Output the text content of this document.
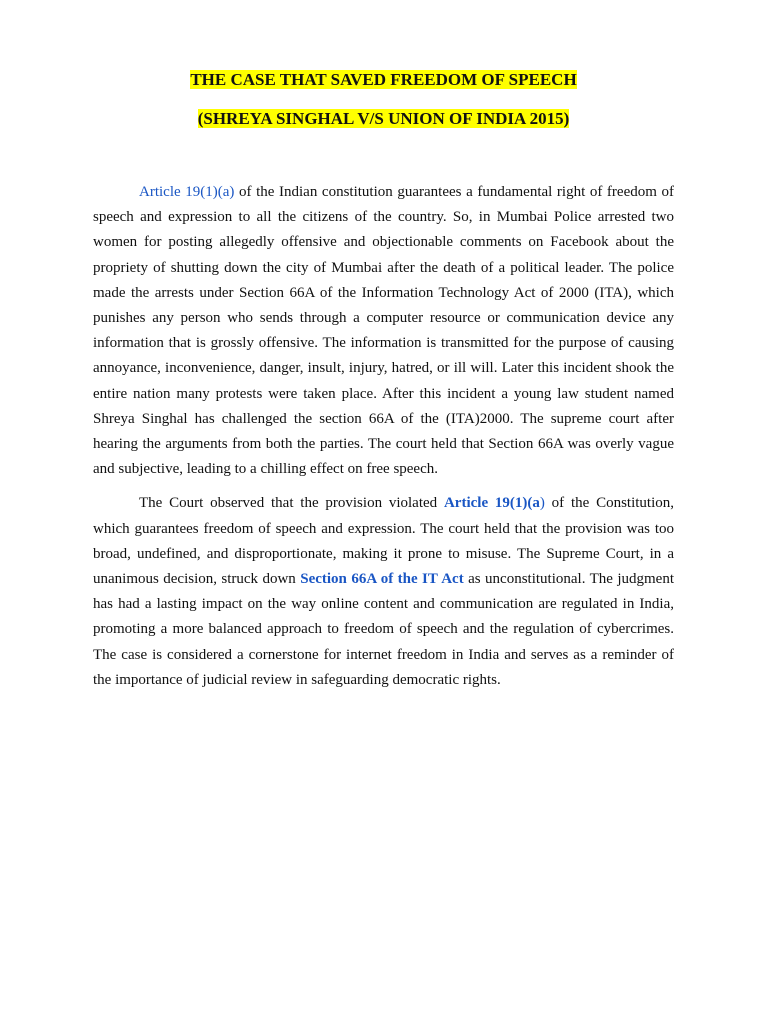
THE CASE THAT SAVED FREEDOM OF SPEECH

(SHREYA SINGHAL V/S UNION OF INDIA 2015)

Article 19(1)(a) of the Indian constitution guarantees a fundamental right of freedom of speech and expression to all the citizens of the country. So, in Mumbai Police arrested two women for posting allegedly offensive and objectionable comments on Facebook about the propriety of shutting down the city of Mumbai after the death of a political leader. The police made the arrests under Section 66A of the Information Technology Act of 2000 (ITA), which punishes any person who sends through a computer resource or communication device any information that is grossly offensive. The information is transmitted for the purpose of causing annoyance, inconvenience, danger, insult, injury, hatred, or ill will. Later this incident shook the entire nation many protests were taken place. After this incident a young law student named Shreya Singhal has challenged the section 66A of the (ITA)2000. The supreme court after hearing the arguments from both the parties. The court held that Section 66A was overly vague and subjective, leading to a chilling effect on free speech.

The Court observed that the provision violated Article 19(1)(a) of the Constitution, which guarantees freedom of speech and expression. The court held that the provision was too broad, undefined, and disproportionate, making it prone to misuse. The Supreme Court, in a unanimous decision, struck down Section 66A of the IT Act as unconstitutional. The judgment has had a lasting impact on the way online content and communication are regulated in India, promoting a more balanced approach to freedom of speech and the regulation of cybercrimes. The case is considered a cornerstone for internet freedom in India and serves as a reminder of the importance of judicial review in safeguarding democratic rights.
